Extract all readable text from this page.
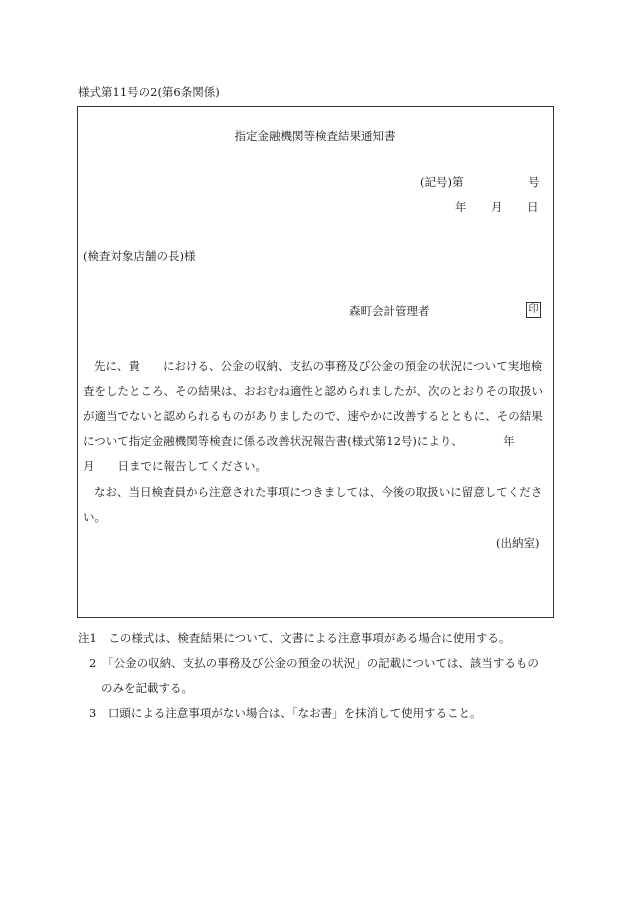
様式第11号の2(第6条関係)
指定金融機関等検査結果通知書
(記号)第	号
年 月 日
(検査対象店舗の長)様
森町会計管理者	印
先に、貴　　における、公金の収納、支払の事務及び公金の預金の状況について実地検
査をしたところ、その結果は、おおむね適性と認められましたが、次のとおりその取扱い
が適当でないと認められるものがありましたので、速やかに改善するとともに、その結果
について指定金融機関等検査に係る改善状況報告書(様式第12号)により、　　　　年
月　　日までに報告してください。
なお、当日検査員から注意された事項につきましては、今後の取扱いに留意してくださ
い。
(出納室)
注1　この様式は、検査結果について、文書による注意事項がある場合に使用する。
2　「公金の収納、支払の事務及び公金の預金の状況」の記載については、該当するもの
のみを記載する。
3　口頭による注意事項がない場合は、「なお書」を抹消して使用すること。
